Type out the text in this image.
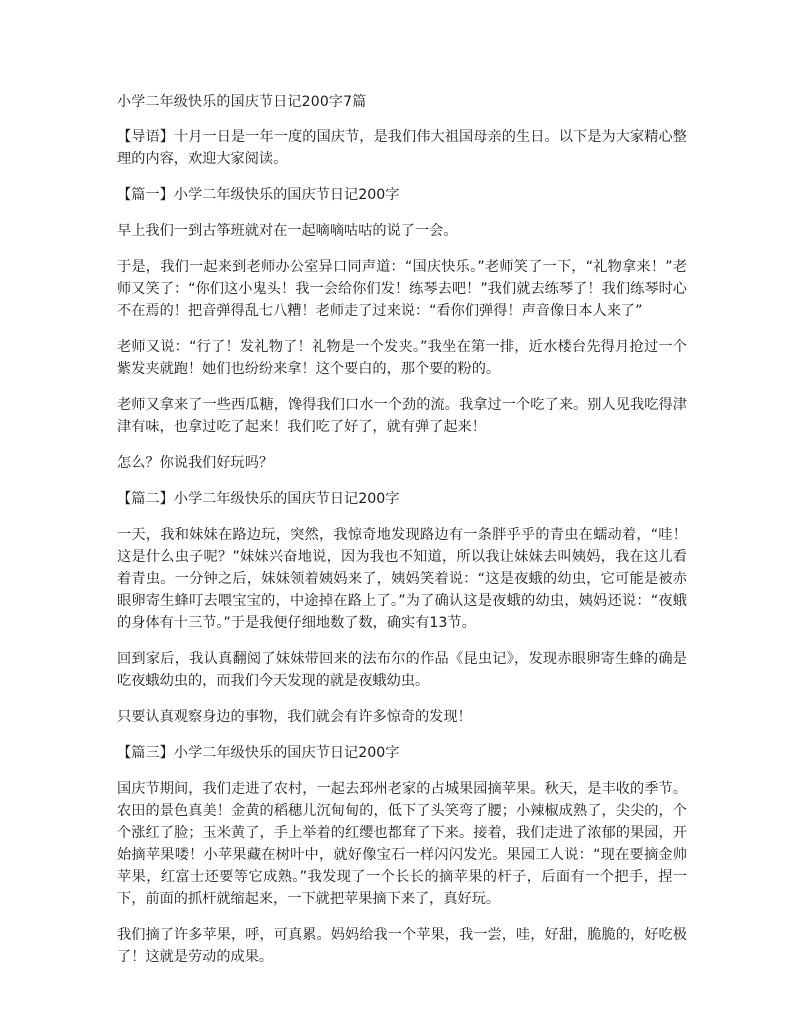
小学二年级快乐的国庆节日记200字7篇

【导语】十月一日是一年一度的国庆节，是我们伟大祖国母亲的生日。以下是为大家精心整理的内容，欢迎大家阅读。

【篇一】小学二年级快乐的国庆节日记200字

早上我们一到古筝班就对在一起嘀嘀咕咕的说了一会。

于是，我们一起来到老师办公室异口同声道：“国庆快乐。”老师笑了一下，“礼物拿来！”老师又笑了：“你们这小鬼头！我一会给你们发！练琴去吧！”我们就去练琴了！我们练琴时心不在焉的！把音弹得乱七八糟！老师走了过来说：“看你们弹得！声音像日本人来了”

老师又说：“行了！发礼物了！礼物是一个发夹。”我坐在第一排，近水楼台先得月抢过一个紫发夹就跑！她们也纷纷来拿！这个要白的，那个要的粉的。

老师又拿来了一些西瓜糖，馋得我们口水一个劲的流。我拿过一个吃了来。别人见我吃得津津有味，也拿过吃了起来！我们吃了好了，就有弹了起来！

怎么？你说我们好玩吗？

【篇二】小学二年级快乐的国庆节日记200字

一天，我和妹妹在路边玩，突然，我惊奇地发现路边有一条胖乎乎的青虫在蠕动着，“哇！这是什么虫子呢？”妹妹兴奋地说，因为我也不知道，所以我让妹妹去叫姨妈，我在这儿看着青虫。一分钟之后，妹妹领着姨妈来了，姨妈笑着说：“这是夜蛾的幼虫，它可能是被赤眼卵寄生蜂叮去喂宝宝的，中途掉在路上了。”为了确认这是夜蛾的幼虫，姨妈还说：“夜蛾的身体有十三节。”于是我便仔细地数了数，确实有13节。

回到家后，我认真翻阅了妹妹带回来的法布尔的作品《昆虫记》，发现赤眼卵寄生蜂的确是吃夜蛾幼虫的，而我们今天发现的就是夜蛾幼虫。

只要认真观察身边的事物，我们就会有许多惊奇的发现！

【篇三】小学二年级快乐的国庆节日记200字

国庆节期间，我们走进了农村，一起去邳州老家的占城果园摘苹果。秋天，是丰收的季节。农田的景色真美！金黄的稻穗儿沉甸甸的，低下了头笑弯了腰；小辣椒成熟了，尖尖的，个个涨红了脸；玉米黄了，手上举着的红缨也都耷了下来。接着，我们走进了浓郁的果园，开始摘苹果喽！小苹果藏在树叶中，就好像宝石一样闪闪发光。果园工人说：“现在要摘金帅苹果，红富士还要等它成熟。”我发现了一个长长的摘苹果的杆子，后面有一个把手，捏一下，前面的抓杆就缩起来，一下就把苹果摘下来了，真好玩。

我们摘了许多苹果，呼，可真累。妈妈给我一个苹果，我一尝，哇，好甜，脆脆的，好吃极了！这就是劳动的成果。
